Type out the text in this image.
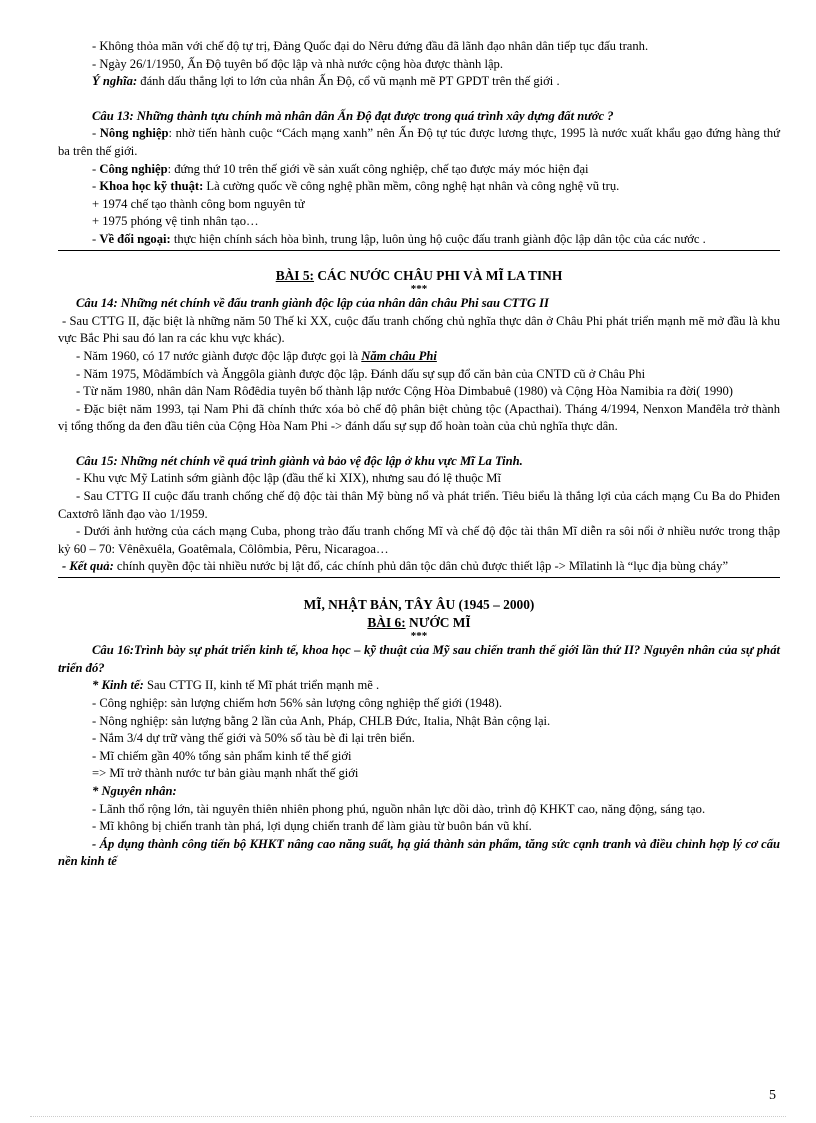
- Không thỏa mãn với chế độ tự trị, Đảng Quốc đại do Nêru đứng đầu đã lãnh đạo nhân dân tiếp tục đấu tranh.

- Ngày 26/1/1950, Ấn Độ tuyên bố độc lập và nhà nước cộng hòa được thành lập.

Ý nghĩa: đánh dấu thắng lợi to lớn của nhân Ấn Độ, cổ vũ mạnh mẽ PT GPDT trên thế giới .

Câu 13: Những thành tựu chính mà nhân dân Ấn Độ đạt được trong quá trình xây dựng đất nước ?

- Nông nghiệp: nhờ tiến hành cuộc “Cách mạng xanh” nên Ấn Độ tự túc được lương thực, 1995 là nước xuất khẩu gạo đứng hàng thứ ba trên thế giới.

- Công nghiệp: đứng thứ 10 trên thế giới về sản xuất công nghiệp, chế tạo được máy móc hiện đại

- Khoa học kỹ thuật: Là cường quốc về công nghệ phần mềm, công nghệ hạt nhân và công nghệ vũ trụ.

+ 1974 chế tạo thành công bom nguyên tử

+ 1975 phóng vệ tinh nhân tạo…

- Về đối ngoại: thực hiện chính sách hòa bình, trung lập, luôn ủng hộ cuộc đấu tranh giành độc lập dân tộc của các nước .

BÀI 5: CÁC NƯỚC CHÂU PHI VÀ MĨ LA TINH

***

Câu 14: Những nét chính về đấu tranh giành độc lập của nhân dân châu Phi sau CTTG II

- Sau CTTG II, đặc biệt là những năm 50 Thế kỉ XX, cuộc đấu tranh chống chủ nghĩa thực dân ở Châu Phi phát triển mạnh mẽ mở đầu là khu vực Bắc Phi sau đó lan ra các khu vực khác).

- Năm 1960, có 17 nước giành được độc lập được gọi là Năm châu Phi

- Năm 1975, Môdămbích và Ănggôla giành được độc lập. Đánh dấu sự sụp đổ căn bản của CNTD cũ ở Châu Phi

- Từ năm 1980, nhân dân Nam Rôđêdia tuyên bố thành lập nước Cộng Hòa Dimbabuê (1980) và Cộng Hòa Namibia ra đời( 1990)

- Đặc biệt năm 1993, tại Nam Phi đã chính thức xóa bỏ chế độ phân biệt chủng tộc (Apacthai). Tháng 4/1994, Nenxon Manđêla trở thành vị tổng thống da đen đầu tiên của Cộng Hòa Nam Phi -> đánh dấu sự sụp đổ hoàn toàn của chủ nghĩa thực dân.

Câu 15: Những nét chính về quá trình giành và bảo vệ độc lập ở khu vực Mĩ La Tinh.

- Khu vực Mỹ Latinh sớm giành độc lập (đầu thế kỉ XIX), nhưng sau đó lệ thuộc Mĩ

- Sau CTTG II cuộc đấu tranh chống chế độ độc tài thân Mỹ bùng nổ và phát triển. Tiêu biểu là thắng lợi của cách mạng Cu Ba do Phiđen Caxtơrô lãnh đạo vào 1/1959.

- Dưới ảnh hưởng của cách mạng Cuba, phong trào đấu tranh chống Mĩ và chế độ độc tài thân Mĩ diễn ra sôi nổi ở nhiều nước trong thập kỷ 60 – 70: Vênêxuêla, Goatêmala, Côlômbia, Pêru, Nicaragoa…

- Kết quả: chính quyền độc tài nhiều nước bị lật đổ, các chính phủ dân tộc dân chủ được thiết lập -> Mĩlatinh là “lục địa bùng cháy”

MĨ, NHẬT BẢN, TÂY ÂU (1945 – 2000)

BÀI 6: NƯỚC MĨ

***

Câu 16:Trình bày sự phát triển kinh tế, khoa học – kỹ thuật của Mỹ sau chiến tranh thế giới lần thứ II? Nguyên nhân của sự phát triển đó?

* Kinh tế: Sau CTTG II, kinh tế Mĩ phát triển mạnh mẽ .

- Công nghiệp: sản lượng chiếm hơn 56% sản lượng công nghiệp thế giới (1948).

- Nông nghiệp: sản lượng bằng 2 lần của Anh, Pháp, CHLB Đức, Italia, Nhật Bản cộng lại.

- Nắm 3/4 dự trữ vàng thế giới và 50% số tàu bè đi lại trên biển.

- Mĩ chiếm gần 40% tổng sản phẩm kinh tế thế giới

=> Mĩ trở thành nước tư bản giàu mạnh nhất thế giới

* Nguyên nhân:

- Lãnh thổ rộng lớn, tài nguyên thiên nhiên phong phú, nguồn nhân lực dồi dào, trình độ KHKT cao, năng động, sáng tạo.

- Mĩ không bị chiến tranh tàn phá, lợi dụng chiến tranh để làm giàu từ buôn bán vũ khí.

- Áp dụng thành công tiến bộ KHKT nâng cao năng suất, hạ giá thành sản phẩm, tăng sức cạnh tranh và điều chỉnh hợp lý cơ cấu nền kinh tế

5
